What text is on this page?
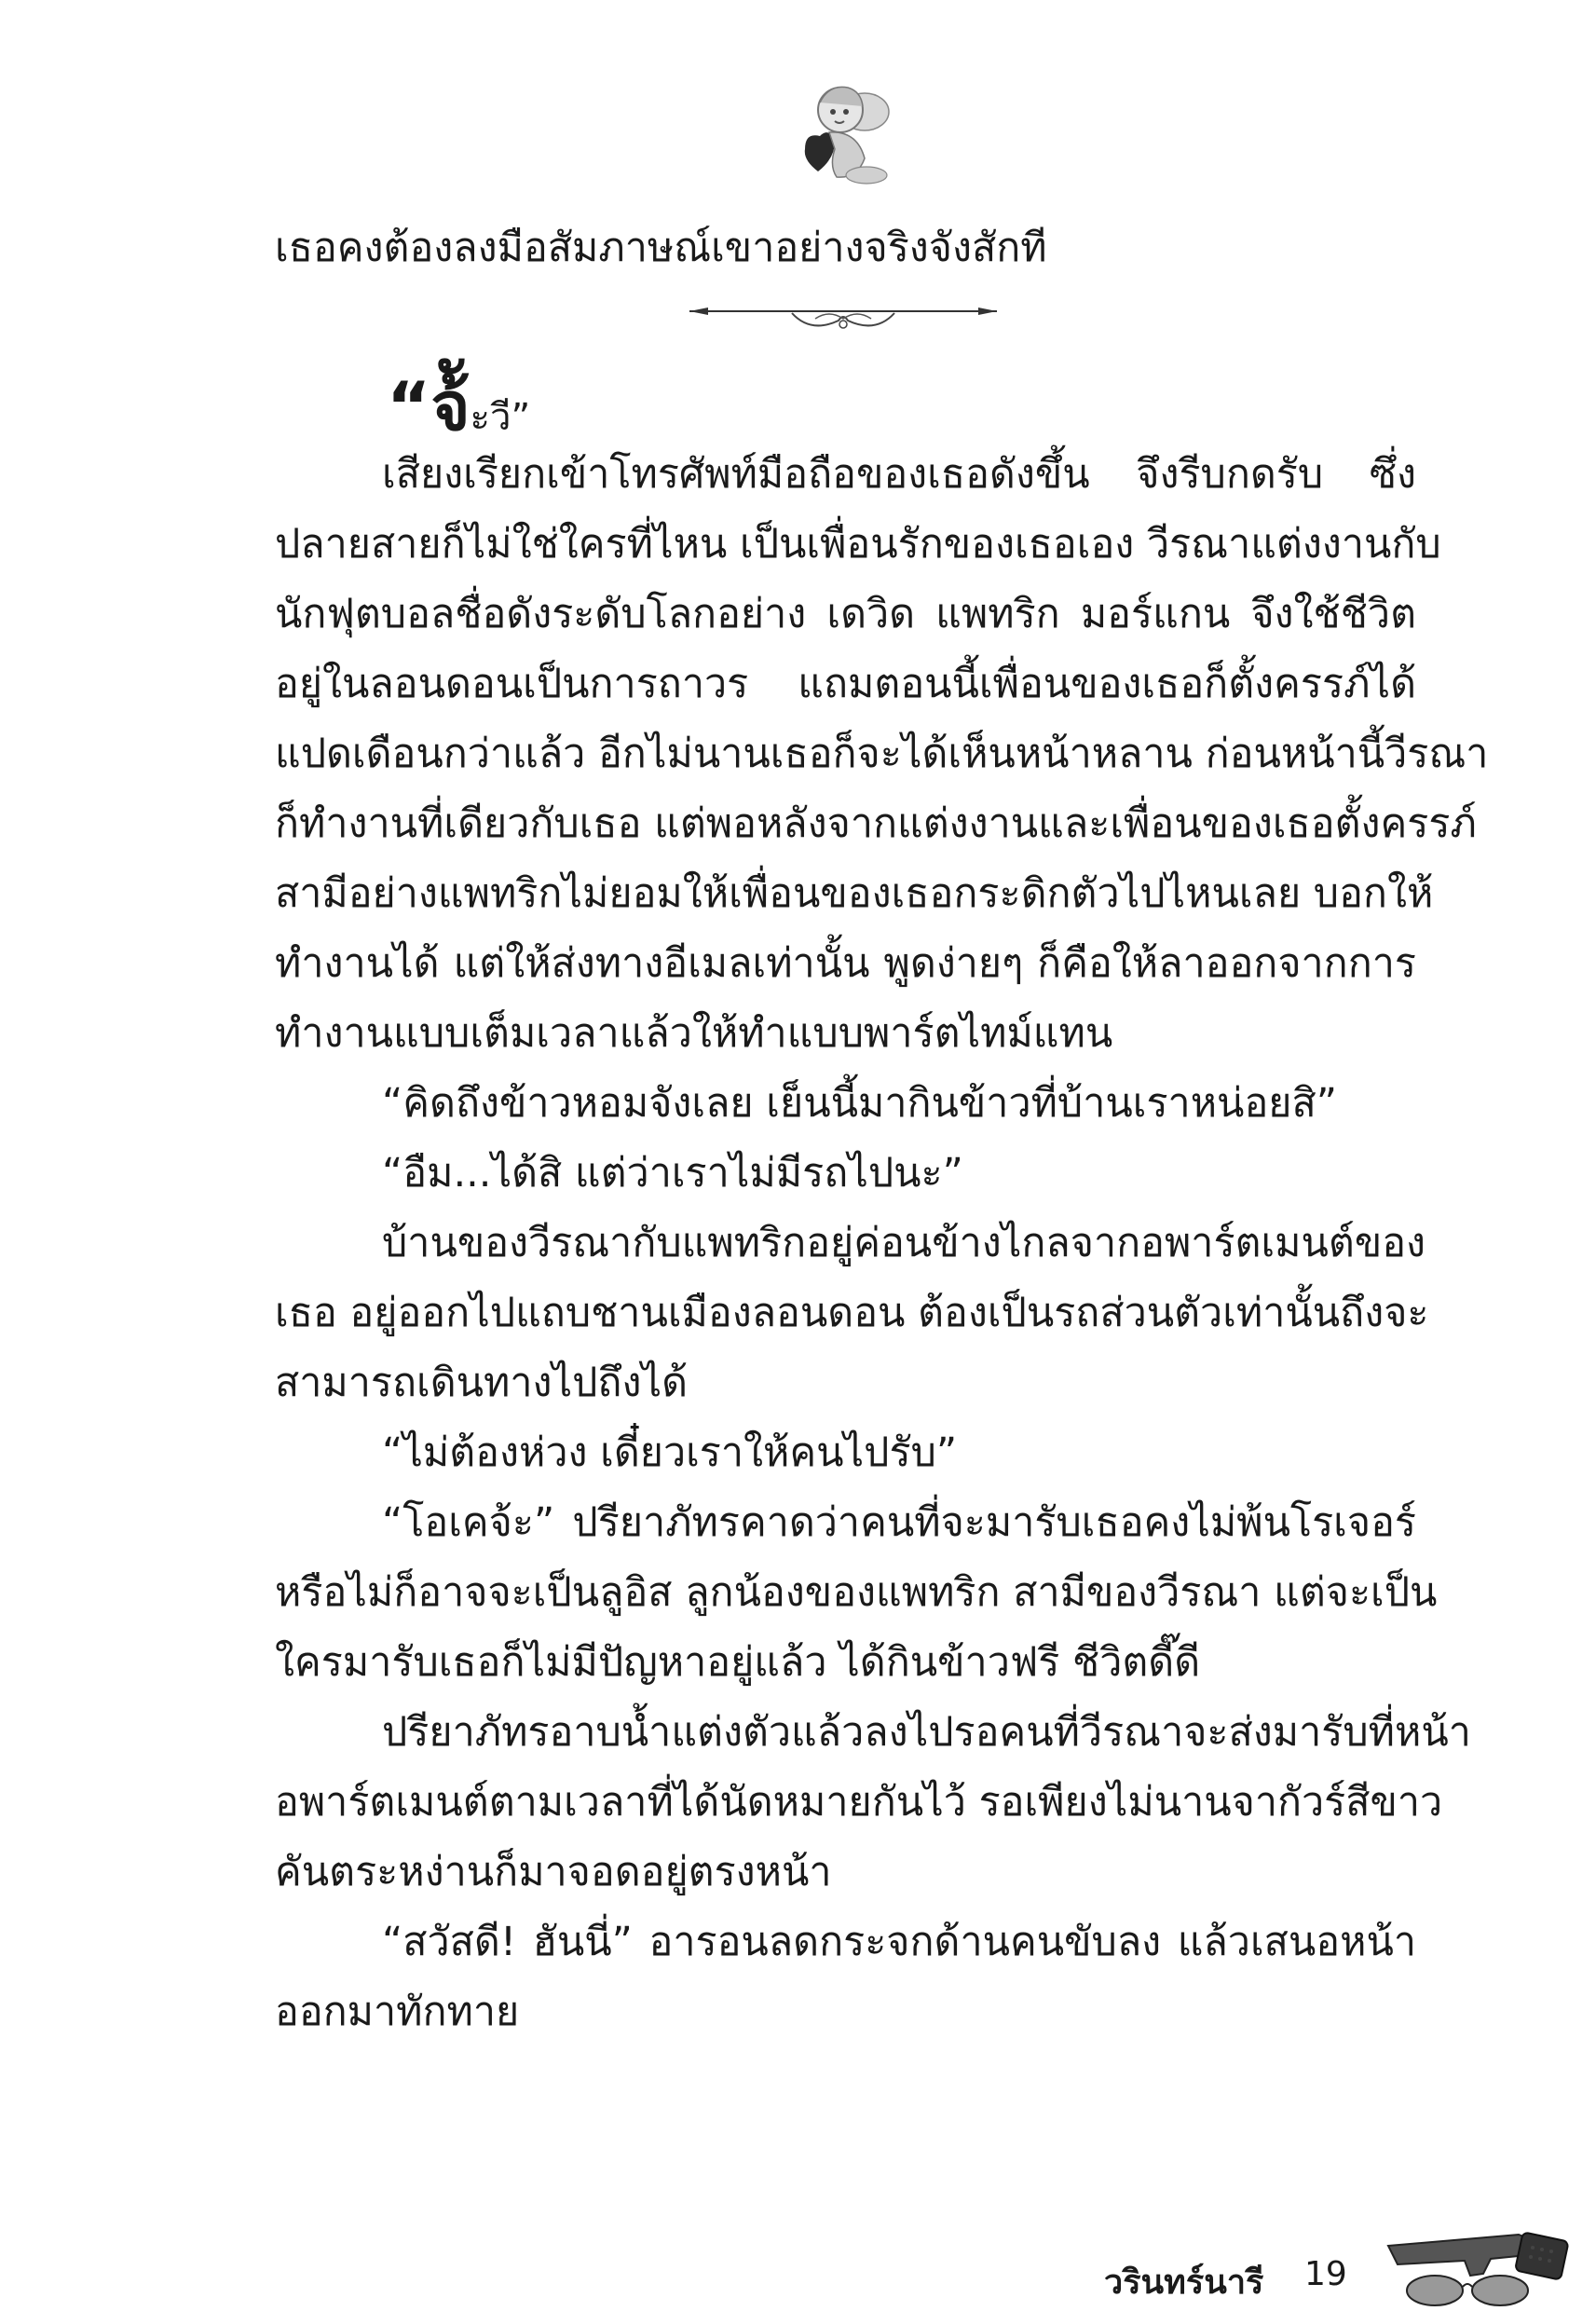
เธอคงต้องลงมือสัมภาษณ์เขาอย่างจริงจังสักที
“จ้ัะวี”
เสียงเรียกเข้าโทรศัพท์มือถือของเธอดังขึ้น จึงรีบกดรับ ซึ่ง
ปลายสายก็ไม่ใช่ใครที่ไหน เป็นเพื่อนรักของเธอเอง วีรณาแต่งงานกับ
นักฟุตบอลชื่อดังระดับโลกอย่าง เดวิด แพทริก มอร์แกน จึงใช้ชีวิต
อยู่ในลอนดอนเป็นการถาวร แถมตอนนี้เพื่อนของเธอก็ตั้งครรภ์ได้
แปดเดือนกว่าแล้ว อีกไม่นานเธอก็จะได้เห็นหน้าหลาน ก่อนหน้านี้วีรณา
ก็ทำงานที่เดียวกับเธอ แต่พอหลังจากแต่งงานและเพื่อนของเธอตั้งครรภ์
สามีอย่างแพทริกไม่ยอมให้เพื่อนของเธอกระดิกตัวไปไหนเลย บอกให้
ทำงานได้ แต่ให้ส่งทางอีเมลเท่านั้น พูดง่ายๆ ก็คือให้ลาออกจากการ
ทำงานแบบเต็มเวลาแล้วให้ทำแบบพาร์ตไทม์แทน
“คิดถึงข้าวหอมจังเลย เย็นนี้มากินข้าวที่บ้านเราหน่อยสิ”
“อืม...ได้สิ แต่ว่าเราไม่มีรถไปนะ”
บ้านของวีรณากับแพทริกอยู่ค่อนข้างไกลจากอพาร์ตเมนต์ของ
เธอ อยู่ออกไปแถบชานเมืองลอนดอน ต้องเป็นรถส่วนตัวเท่านั้นถึงจะ
สามารถเดินทางไปถึงได้
“ไม่ต้องห่วง เดี๋ยวเราให้คนไปรับ”
“โอเคจ้ะ” ปรียาภัทรคาดว่าคนที่จะมารับเธอคงไม่พ้นโรเจอร์
หรือไม่ก็อาจจะเป็นลูอิส ลูกน้องของแพทริก สามีของวีรณา แต่จะเป็น
ใครมารับเธอก็ไม่มีปัญหาอยู่แล้ว ได้กินข้าวฟรี ชีวิตดี๊ดี
ปรียาภัทรอาบน้ำแต่งตัวแล้วลงไปรอคนที่วีรณาจะส่งมารับที่หน้า
อพาร์ตเมนต์ตามเวลาที่ได้นัดหมายกันไว้ รอเพียงไม่นานจากัวร์สีขาว
คันตระหง่านก็มาจอดอยู่ตรงหน้า
“สวัสดี! ฮันนี่” อารอนลดกระจกด้านคนขับลง แล้วเสนอหน้า
ออกมาทักทาย
วรินทร์นารี 19
